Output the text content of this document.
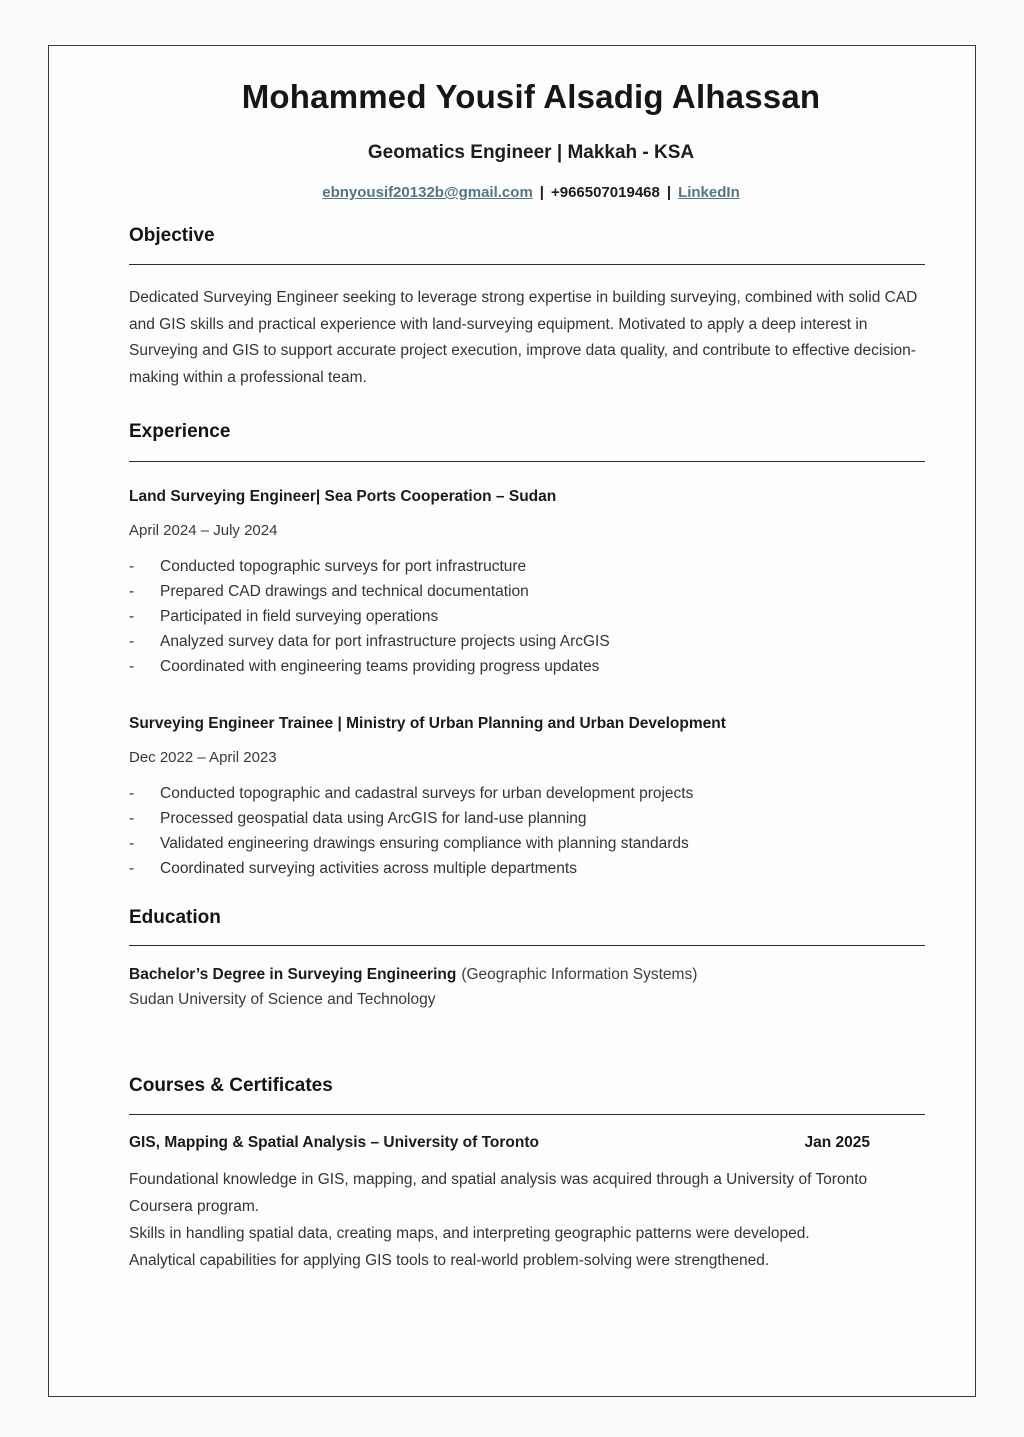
Mohammed Yousif Alsadig Alhassan
Geomatics Engineer | Makkah - KSA
ebnyousif20132b@gmail.com | +966507019468 | LinkedIn
Objective
Dedicated Surveying Engineer seeking to leverage strong expertise in building surveying, combined with solid CAD and GIS skills and practical experience with land-surveying equipment. Motivated to apply a deep interest in Surveying and GIS to support accurate project execution, improve data quality, and contribute to effective decision-making within a professional team.
Experience
Land Surveying Engineer| Sea Ports Cooperation – Sudan
April 2024 – July 2024
-	Conducted topographic surveys for port infrastructure
-	Prepared CAD drawings and technical documentation
-	Participated in field surveying operations
-	Analyzed survey data for port infrastructure projects using ArcGIS
-	Coordinated with engineering teams providing progress updates
Surveying Engineer Trainee | Ministry of Urban Planning and Urban Development
Dec 2022 – April 2023
-	Conducted topographic and cadastral surveys for urban development projects
-	Processed geospatial data using ArcGIS for land-use planning
-	Validated engineering drawings ensuring compliance with planning standards
-	Coordinated surveying activities across multiple departments
Education
Bachelor’s Degree in Surveying Engineering (Geographic Information Systems)
Sudan University of Science and Technology
Courses & Certificates
GIS, Mapping & Spatial Analysis – University of Toronto	Jan 2025

Foundational knowledge in GIS, mapping, and spatial analysis was acquired through a University of Toronto Coursera program.

Skills in handling spatial data, creating maps, and interpreting geographic patterns were developed.

Analytical capabilities for applying GIS tools to real-world problem-solving were strengthened.
